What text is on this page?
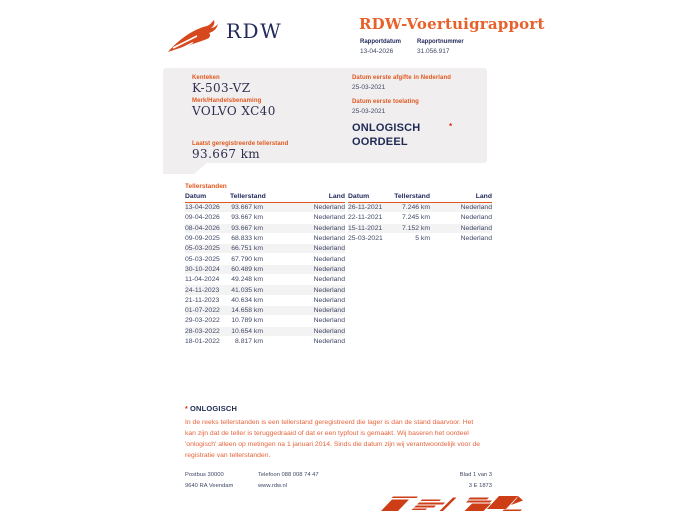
RDW	RDW-Voertuigrapport
Rapportdatum
13-04-2026
Rapportnummer
31.056.917
Kenteken
K-503-VZ
Merk/Handelsbenaming
VOLVO XC40
Laatst geregistreerde tellerstand
93.667 km
Datum eerste afgifte in Nederland
25-03-2021
Datum eerste toelating
25-03-2021
ONLOGISCH
OORDEEL
*
Tellerstanden
Datum	Tellerstand	Land
13-04-2026	93.667 km	Nederland
09-04-2026	93.667 km	Nederland
08-04-2026	93.667 km	Nederland
09-09-2025	68.833 km	Nederland
05-03-2025	66.751 km	Nederland
05-03-2025	67.790 km	Nederland
30-10-2024	60.489 km	Nederland
11-04-2024	49.248 km	Nederland
24-11-2023	41.035 km	Nederland
21-11-2023	40.634 km	Nederland
01-07-2022	14.658 km	Nederland
29-03-2022	10.789 km	Nederland
28-03-2022	10.654 km	Nederland
18-01-2022	8.817 km	Nederland
Datum	Tellerstand	Land
26-11-2021	7.246 km	Nederland
22-11-2021	7.245 km	Nederland
15-11-2021	7.152 km	Nederland
25-03-2021	5 km	Nederland
* ONLOGISCH
In de reeks tellerstanden is een tellerstand geregistreerd die lager is dan de stand daarvoor. Het kan zijn dat de teller is teruggedraaid of dat er een typfout is gemaakt. Wij baseren het oordeel 'onlogisch' alleen op metingen na 1 januari 2014. Sinds die datum zijn wij verantwoordelijk voor de registratie van tellerstanden.
Postbus 30000
9640 RA Veendam
Telefoon 088 008 74 47
www.rdw.nl
Blad 1 van 3
3 E 1873
